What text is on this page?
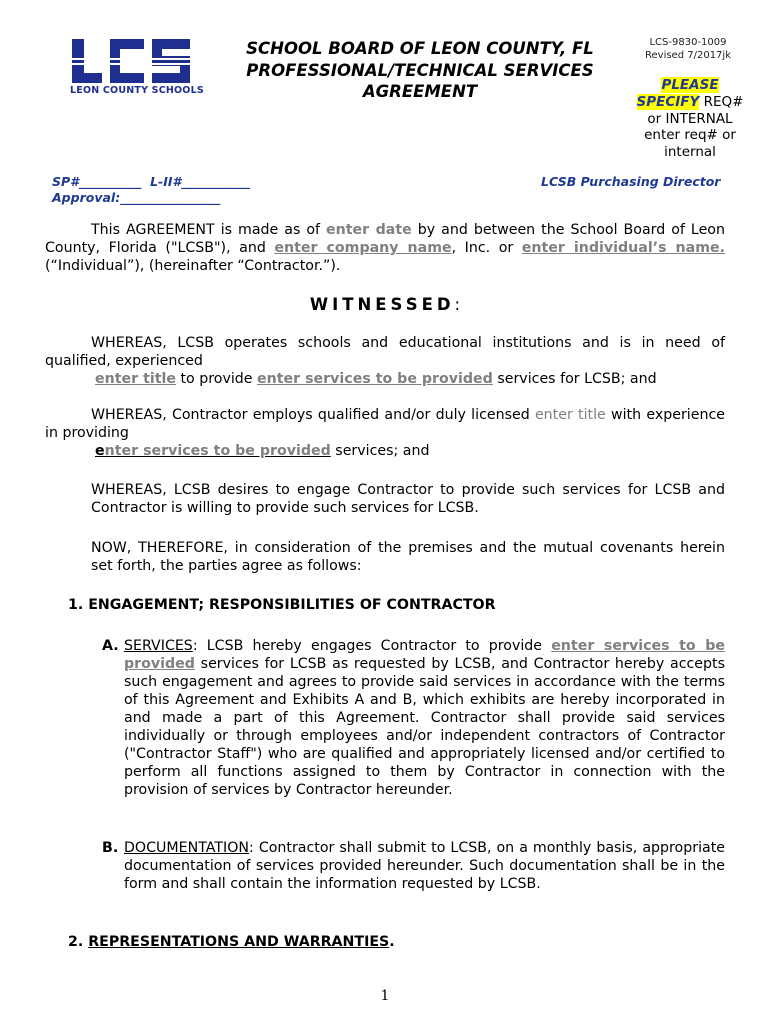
LEON COUNTY SCHOOLS
SCHOOL BOARD OF LEON COUNTY, FL
PROFESSIONAL/TECHNICAL SERVICES
AGREEMENT
LCS-9830-1009
Revised 7/2017jk
PLEASE
SPECIFY REQ#
or INTERNAL
enter req# or
internal
SP#__________ L-II#___________
Approval:________________
LCSB Purchasing Director
This AGREEMENT is made as of enter date by and between the School Board of Leon County, Florida ("LCSB"), and enter company name, Inc. or enter individual’s name. (“Individual”), (hereinafter “Contractor.”).
WITNESSED:
WHEREAS, LCSB operates schools and educational institutions and is in need of qualified, experienced
enter title to provide enter services to be provided services for LCSB; and
WHEREAS, Contractor employs qualified and/or duly licensed enter title with experience in providing
enter services to be provided services; and
WHEREAS, LCSB desires to engage Contractor to provide such services for LCSB and Contractor is willing to provide such services for LCSB.
NOW, THEREFORE, in consideration of the premises and the mutual covenants herein set forth, the parties agree as follows:
1. ENGAGEMENT; RESPONSIBILITIES OF CONTRACTOR
A. SERVICES: LCSB hereby engages Contractor to provide enter services to be provided services for LCSB as requested by LCSB, and Contractor hereby accepts such engagement and agrees to provide said services in accordance with the terms of this Agreement and Exhibits A and B, which exhibits are hereby incorporated in and made a part of this Agreement. Contractor shall provide said services individually or through employees and/or independent contractors of Contractor ("Contractor Staff") who are qualified and appropriately licensed and/or certified to perform all functions assigned to them by Contractor in connection with the provision of services by Contractor hereunder.
B. DOCUMENTATION: Contractor shall submit to LCSB, on a monthly basis, appropriate documentation of services provided hereunder. Such documentation shall be in the form and shall contain the information requested by LCSB.
2. REPRESENTATIONS AND WARRANTIES.
1
